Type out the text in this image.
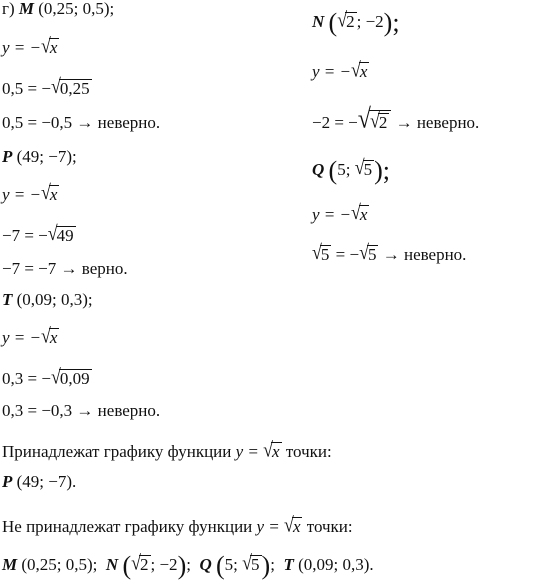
г) M (0,25; 0,5);
y = −√x
0,5 = −√0,25
0,5 = −0,5 → неверно.
P (49; −7);
y = −√x
−7 = −√49
−7 = −7 → верно.
T (0,09; 0,3);
y = −√x
0,3 = −√0,09
0,3 = −0,3 → неверно.
N (√2 ; −2);
y = −√x
−2 = −√√2 → неверно.
Q (5; √5);
y = −√x
√5 = −√5 → неверно.
Принадлежат графику функции y = √x точки:
P (49; −7).
Не принадлежат графику функции y = √x точки:
M (0,25; 0,5); N (√2 ; −2);  Q (5; √5);  T (0,09; 0,3).
